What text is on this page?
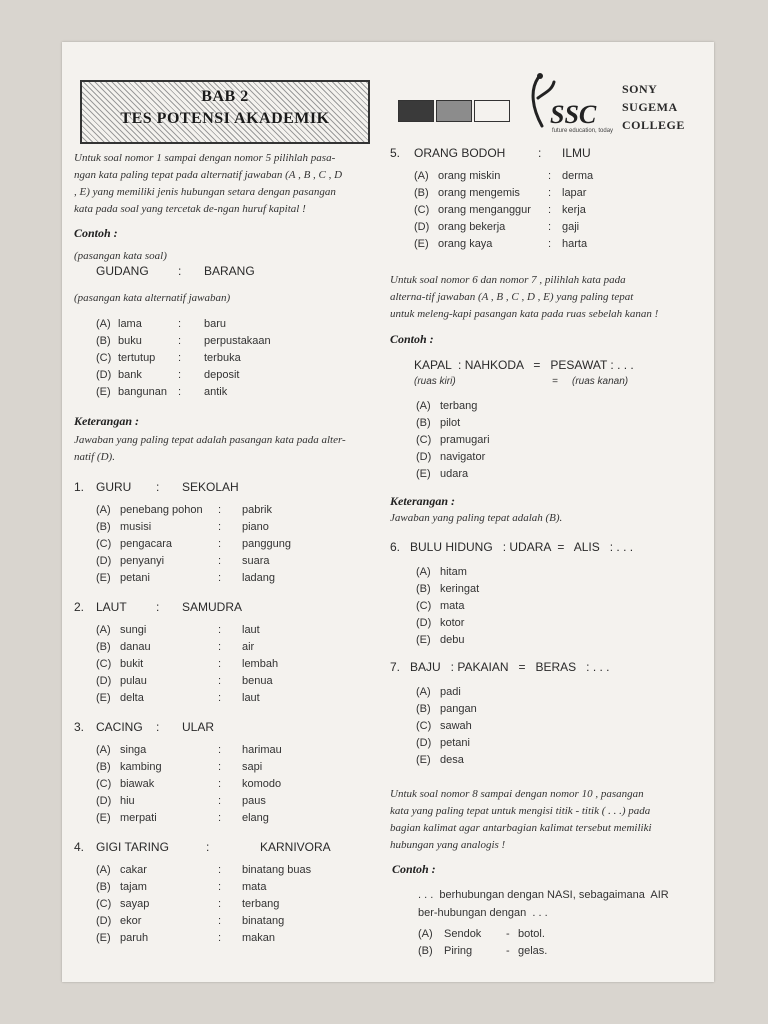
BAB 2
TES POTENSI AKADEMIK	SSC
future education, today
SONY
SUGEMA
COLLEGE
Untuk soal nomor 1 sampai dengan nomor 5 pilihlah pasa-
ngan kata paling tepat pada alternatif jawaban (A , B , C , D
, E) yang memiliki jenis hubungan setara dengan pasangan
kata pada soal yang tercetak de-ngan huruf kapital !
Contoh :
(pasangan kata soal)
GUDANG : BARANG
(pasangan kata alternatif jawaban)
(A) lama	: baru
(B) buku	: perpustakaan
(C) tertutup : terbuka
(D) bank	: deposit
(E) bangunan : antik
Keterangan :
Jawaban yang paling tepat adalah pasangan kata pada alter-
natif (D).
1. GURU : SEKOLAH
(A) penebang pohon : pabrik
(B) musisi	: piano
(C) pengacara	: panggung
(D) penyanyi	: suara
(E) petani	: ladang
2. LAUT : SAMUDRA
(A) sungi	: laut
(B) danau	: air
(C) bukit	: lembah
(D) pulau	: benua
(E) delta	: laut
3. CACING : ULAR
(A) singa	: harimau
(B) kambing	: sapi
(C) biawak	: komodo
(D) hiu	: paus
(E) merpati	: elang
4. GIGI TARING	:	KARNIVORA
(A) cakar	: binatang buas
(B) tajam	: mata
(C) sayap	: terbang
(D) ekor	: binatang
(E) paruh	: makan
5. ORANG BODOH	: ILMU
(A) orang miskin	: derma
(B) orang mengemis	: lapar
(C) orang menganggur : kerja
(D) orang bekerja	: gaji
(E) orang kaya	: harta
Untuk soal nomor 6 dan nomor 7 , pilihlah kata pada
alterna-tif jawaban (A , B , C , D , E) yang paling tepat
untuk meleng-kapi pasangan kata pada ruas sebelah kanan !
Contoh :
KAPAL  : NAHKODA   =   PESAWAT : . . .
(ruas kiri)	= (ruas kanan)
(A) terbang
(B) pilot
(C) pramugari
(D) navigator
(E) udara
Keterangan :
Jawaban yang paling tepat adalah (B).
6.   BULU HIDUNG   : UDARA  =   ALIS   : . . .
(A) hitam
(B) keringat
(C) mata
(D) kotor
(E) debu
7.   BAJU   : PAKAIAN   =   BERAS   : . . .
(A) padi
(B) pangan
(C) sawah
(D) petani
(E) desa
Untuk soal nomor 8 sampai dengan nomor 10 , pasangan
kata yang paling tepat untuk mengisi titik - titik ( . . .) pada
bagian kalimat agar antarbagian kalimat tersebut memiliki
hubungan yang analogis !
Contoh :
. . .  berhubungan dengan NASI, sebagaimana  AIR
ber-hubungan dengan  . . .
(A) Sendok - botol.
(B) Piring	- gelas.
